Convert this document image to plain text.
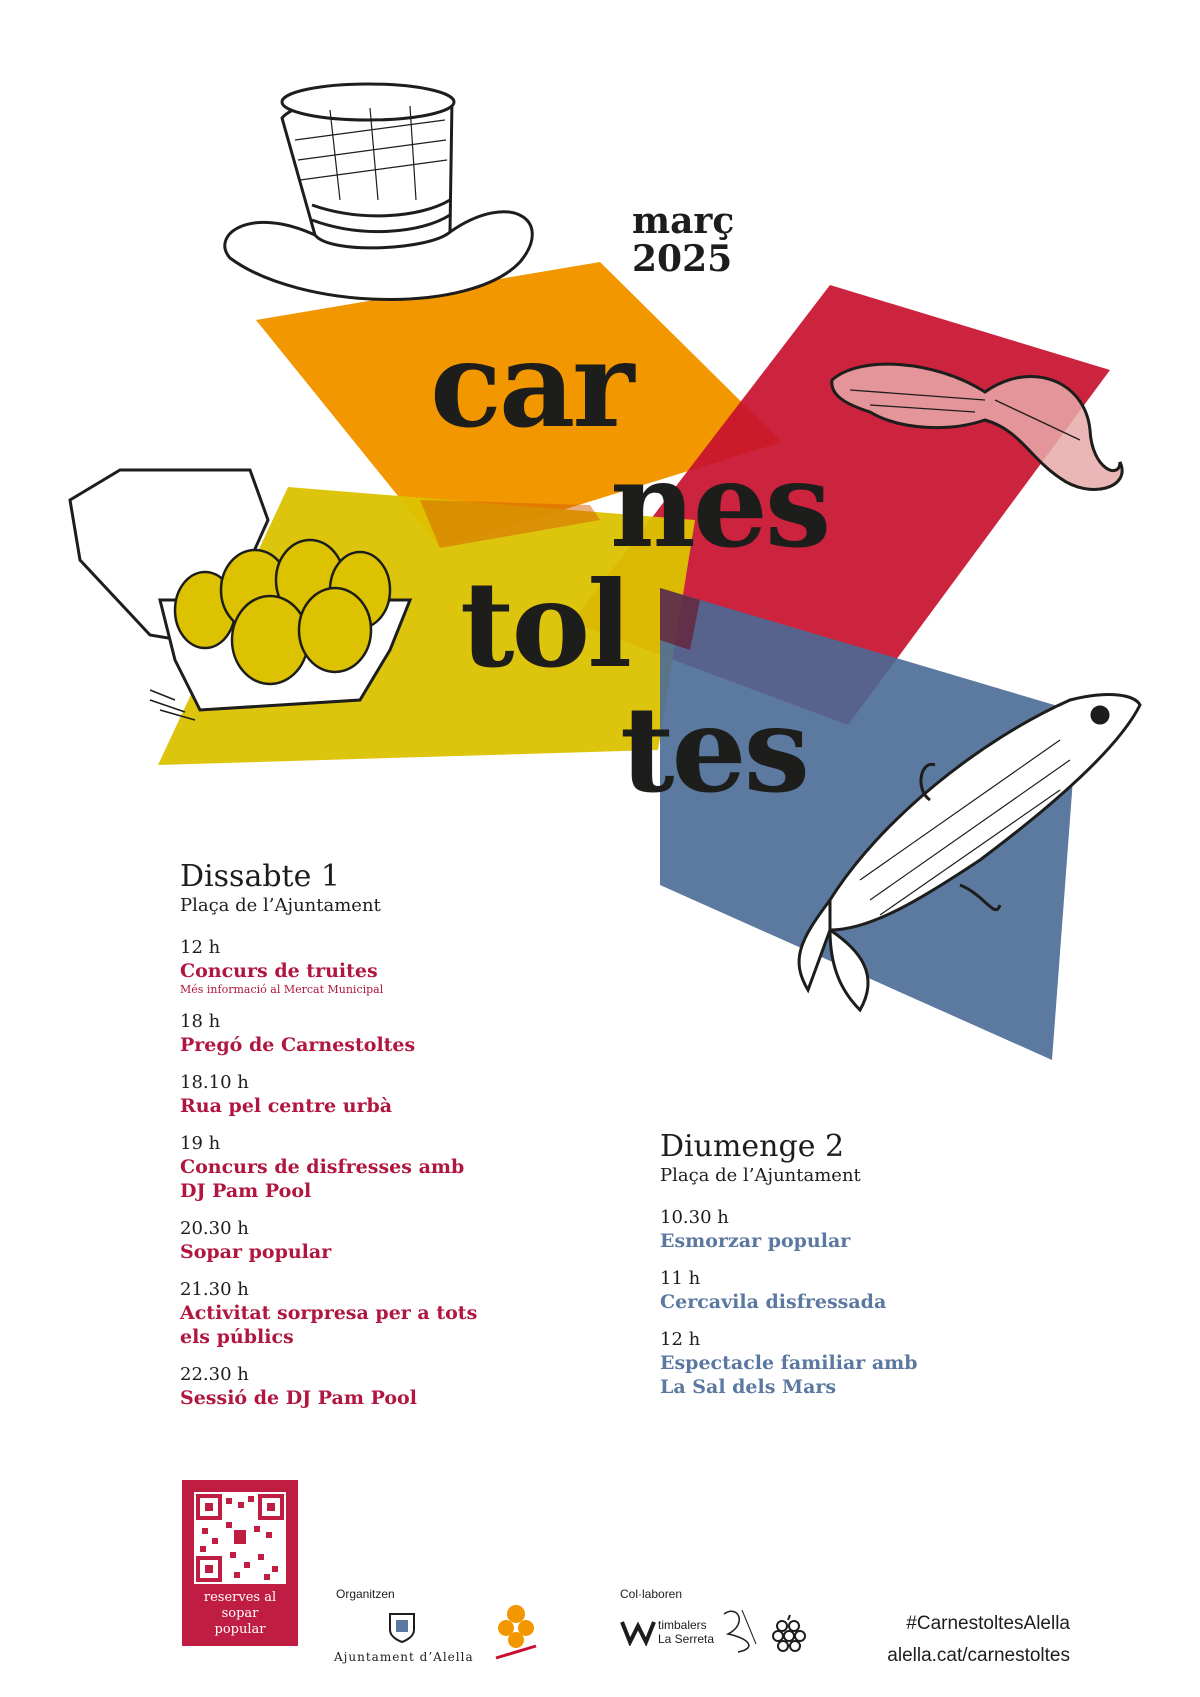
març
2025
car
nes
tol
tes
Dissabte 1
Plaça de l’Ajuntament
12 h
Concurs de truites
Més informació al Mercat Municipal
18 h
Pregó de Carnestoltes
18.10 h
Rua pel centre urbà
19 h
Concurs de disfresses amb
DJ Pam Pool
20.30 h
Sopar popular
21.30 h
Activitat sorpresa per a tots
els públics
22.30 h
Sessió de DJ Pam Pool
Diumenge 2
Plaça de l’Ajuntament
10.30 h
Esmorzar popular
11 h
Cercavila disfressada
12 h
Espectacle familiar amb
La Sal dels Mars
reserves al
sopar
popular
Organitzen
Ajuntament d’Alella
Col·laboren
timbalers
La Serreta
#CarnestoltesAlella
alella.cat/carnestoltes
